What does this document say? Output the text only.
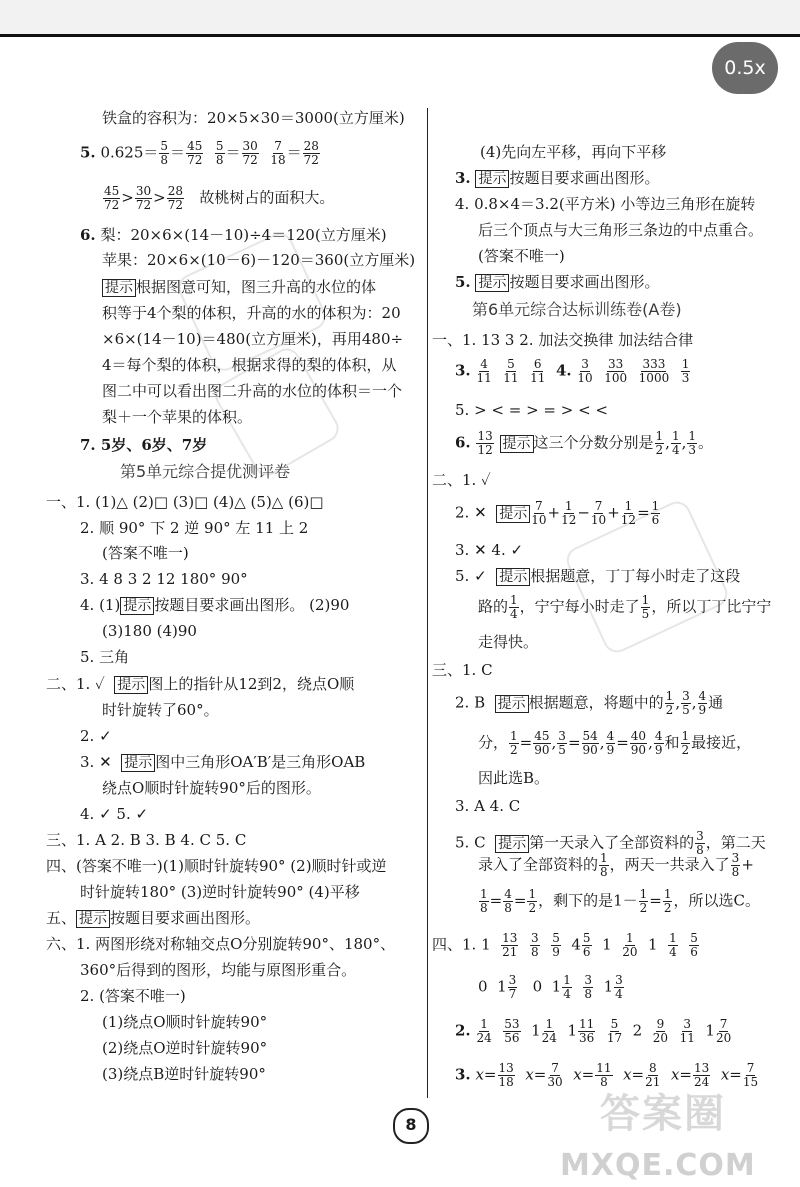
0.5x
铁盒的容积为：20×5×30＝3000(立方厘米)
5. $0.625= \frac{5}{8} = \frac{45}{72}$
$\frac{5}{8} = \frac{30}{72}$
$\frac{7}{18} = \frac{28}{72}$
$\frac{45}{72} > \frac{30}{72} > \frac{28}{72}$ 故桃树占的面积大。
6. 梨：20×6×(14－10)÷4＝120(立方厘米)
苹果：20×6×(10－6)－120＝360(立方厘米)
提示 根据图意可知，图三升高的水位的体
积等于4个梨的体积，升高的水的体积为：20
×6×(14－10)＝480(立方厘米)，再用480÷
4＝每个梨的体积，根据求得的梨的体积，从
图二中可以看出图二升高的水位的体积＝一个
梨＋一个苹果的体积。
7. 5岁、6岁、7岁
第5单元综合提优测评卷
一、1. (1)△ (2)□ (3)□ (4)△ (5)△ (6)□
2. 顺 90° 下 2 逆 90° 左 11 上 2
(答案不唯一)
3. 4 8 3 2 12 180° 90°
4. (1) 提示 按题目要求画出图形。 (2)90
(3)180 (4)90
5. 三角
二、1. ✓ 提示 图上的指针从12到2，绕点O顺
时针旋转了60°。
2. ✓
3. ✕ 提示 图中三角形OA′B′是三角形OAB
绕点O顺时针旋转90°后的图形。
4. ✓ 5. ✓
三、1. A 2. B 3. B 4. C 5. C
四、(答案不唯一)(1)顺时针旋转90° (2)顺时针或逆
时针旋转180° (3)逆时针旋转90° (4)平移
五、 提示 按题目要求画出图形。
六、1. 两图形绕对称轴交点O分别旋转90°、180°、
360°后得到的图形，均能与原图形重合。
2. (答案不唯一)
(1)绕点O顺时针旋转90°
(2)绕点O逆时针旋转90°
(3)绕点B逆时针旋转90°
(4)先向左平移，再向下平移
3. 提示 按题目要求画出图形。
4. 0.8×4＝3.2(平方米) 小等边三角形在旋转
后三个顶点与大三角形三条边的中点重合。
(答案不唯一)
5. 提示 按题目要求画出图形。
第6单元综合达标训练卷(A卷)
一、1. 13 3 2. 加法交换律 加法结合律
3. $\frac{4}{11}$
$\frac{5}{11}$
$\frac{6}{11} 4$. $\frac{3}{10}$
$\frac{33}{100}$
$\frac{333}{1000}$
$\frac{1}{3}$
5. > < = > = > < <
6. $\frac{13}{12}$ 提示 这三个分数分别是 $\frac{1}{2}$ , $\frac{1}{4}$ , $\frac{1}{3}$ 。
二、1. ✓
2. ✕ 提示 $\frac{7}{10} + \frac{1}{12} - \frac{7}{10} + \frac{1}{12} = \frac{1}{6}$
3. ✕ 4. ✓
5. ✓ 提示 根据题意，丁丁每小时走了这段
路的 $\frac{1}{4}$ ，宁宁每小时走了 $\frac{1}{5}$ ，所以丁丁比宁宁
走得快。
三、1. C
2. B 提示 根据题意，将题中的 $\frac{1}{2}$ , $\frac{3}{5}$ , $\frac{4}{9}$ 通
分， $\frac{1}{2} = \frac{45}{90}$ , $\frac{3}{5} = \frac{54}{90}$ , $\frac{4}{9} = \frac{40}{90}$ , $\frac{4}{9}$ 和 $\frac{1}{2}$ 最接近，
因此选B。
3. A 4. C
5. C 提示 第一天录入了全部资料的 $\frac{3}{8}$ ，第二天
录入了全部资料的 $\frac{1}{8}$ ，两天一共录入了 $\frac{3}{8}$ +
$\frac{1}{8} = \frac{4}{8} = \frac{1}{2}$ ，剩下的是$1- \frac{1}{2} = \frac{1}{2}$ ，所以选C。
四、1. $1 \frac{13}{21}$
$\frac{3}{8}$
$\frac{5}{9} 4 \frac{5}{6} 1 \frac{1}{20} 1 \frac{1}{4}$
$\frac{5}{6}$
0  $1 \frac{3}{7} 0$  $1 \frac{1}{4}$
$\frac{3}{8} 1 \frac{3}{4}$
2. $\frac{1}{24}$
$\frac{53}{56} 1 \frac{1}{24} 1 \frac{11}{36}$
$\frac{5}{17} 2 \frac{9}{20}$
$\frac{3}{11} 1 \frac{7}{20}$
3. $x= \frac{13}{18} x= \frac{7}{30} x= \frac{11}{8} x= \frac{8}{21} x= \frac{13}{24} x= \frac{7}{15}$
8	答案圈
MXQE.COM
